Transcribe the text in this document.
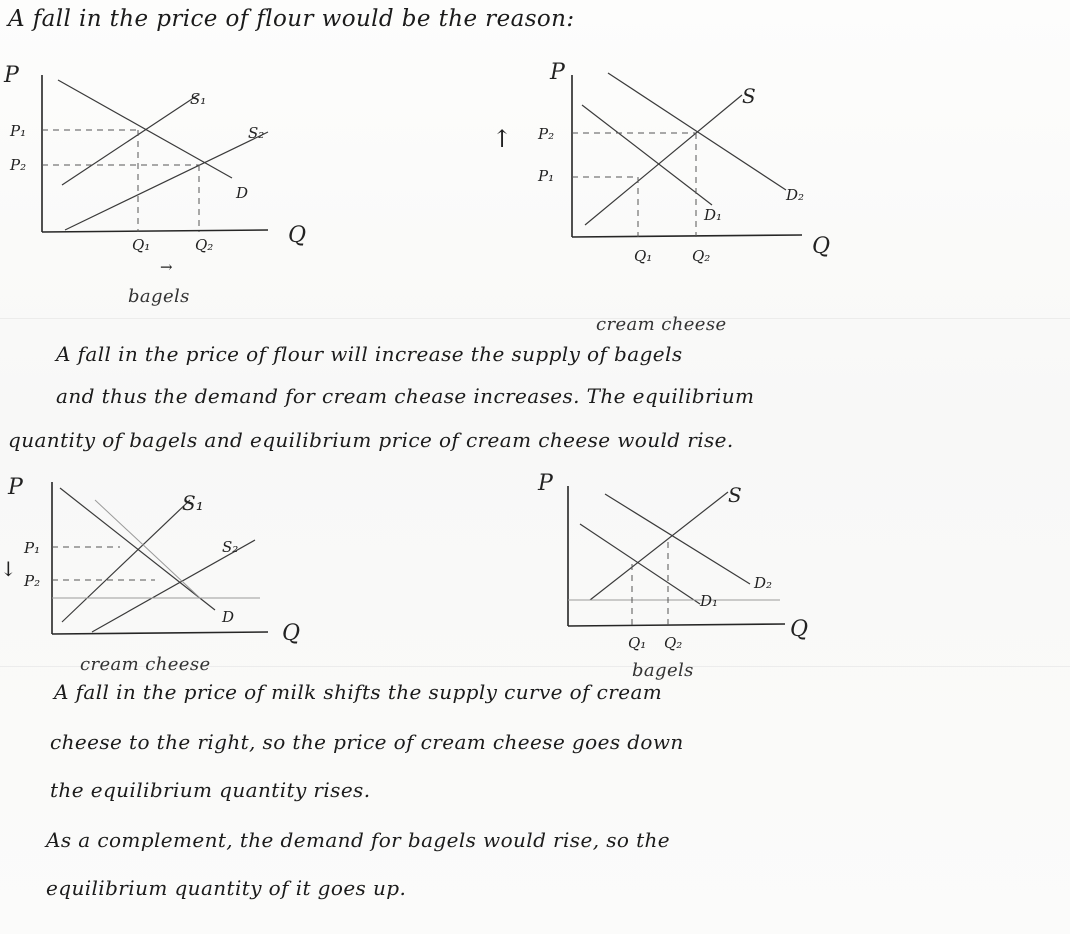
A fall in the price of flour would be the reason:
P
Q
S₁
S₂
D
P₁
P₂
Q₁	Q₂
→
bagels
P
Q
S
D₁
D₂
P₂
P₁
Q₁	Q₂
↑
cream cheese
A fall in the price of flour will increase the supply of bagels
and thus the demand for cream chease increases. The equilibrium
quantity of bagels and equilibrium price of cream cheese would rise.
P
Q
S₁
S₂
D
P₁
P₂
↓
cream cheese
P
Q
S
D₁
D₂
Q₁ Q₂
bagels
A fall in the price of milk shifts the supply curve of cream
cheese to the right, so the price of cream cheese goes down
the equilibrium quantity rises.
As a complement, the demand for bagels would rise, so the
equilibrium quantity of it goes up.
